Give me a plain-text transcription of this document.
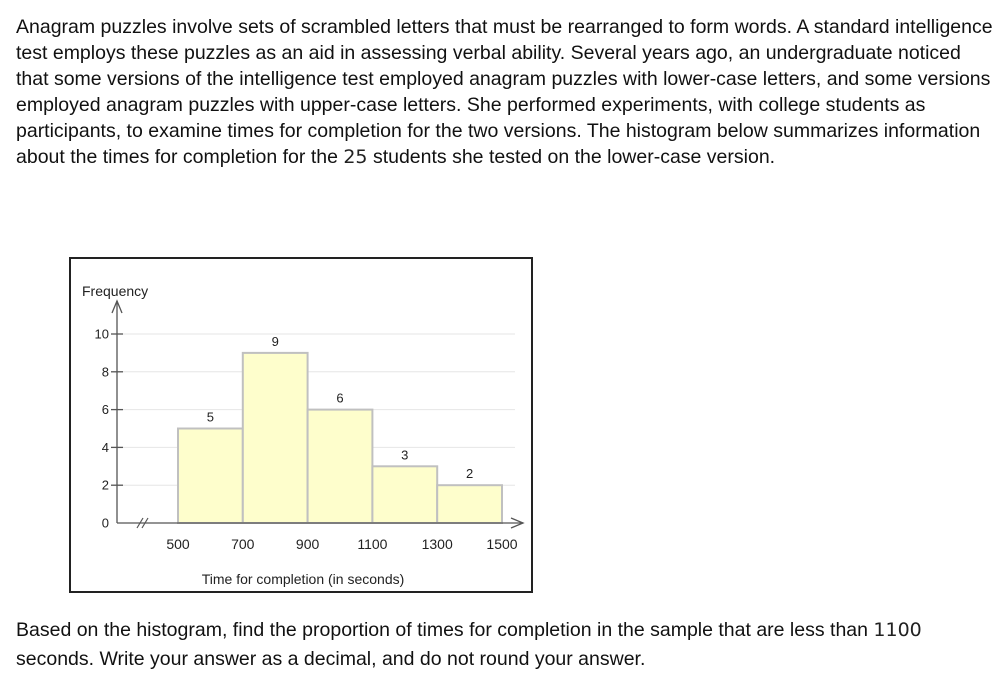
Anagram puzzles involve sets of scrambled letters that must be rearranged to form words. A standard intelligence test employs these puzzles as an aid in assessing verbal ability. Several years ago, an undergraduate noticed that some versions of the intelligence test employed anagram puzzles with lower-case letters, and some versions employed anagram puzzles with upper-case letters. She performed experiments, with college students as participants, to examine times for completion for the two versions. The histogram below summarizes information about the times for completion for the 25 students she tested on the lower-case version.
5
9
6
3
2
0
2
4
6
8
10
500	700	900	1100 1300 1500
Frequency
Time for completion (in seconds)
Based on the histogram, find the proportion of times for completion in the sample that are less than 1100 seconds. Write your answer as a decimal, and do not round your answer.
